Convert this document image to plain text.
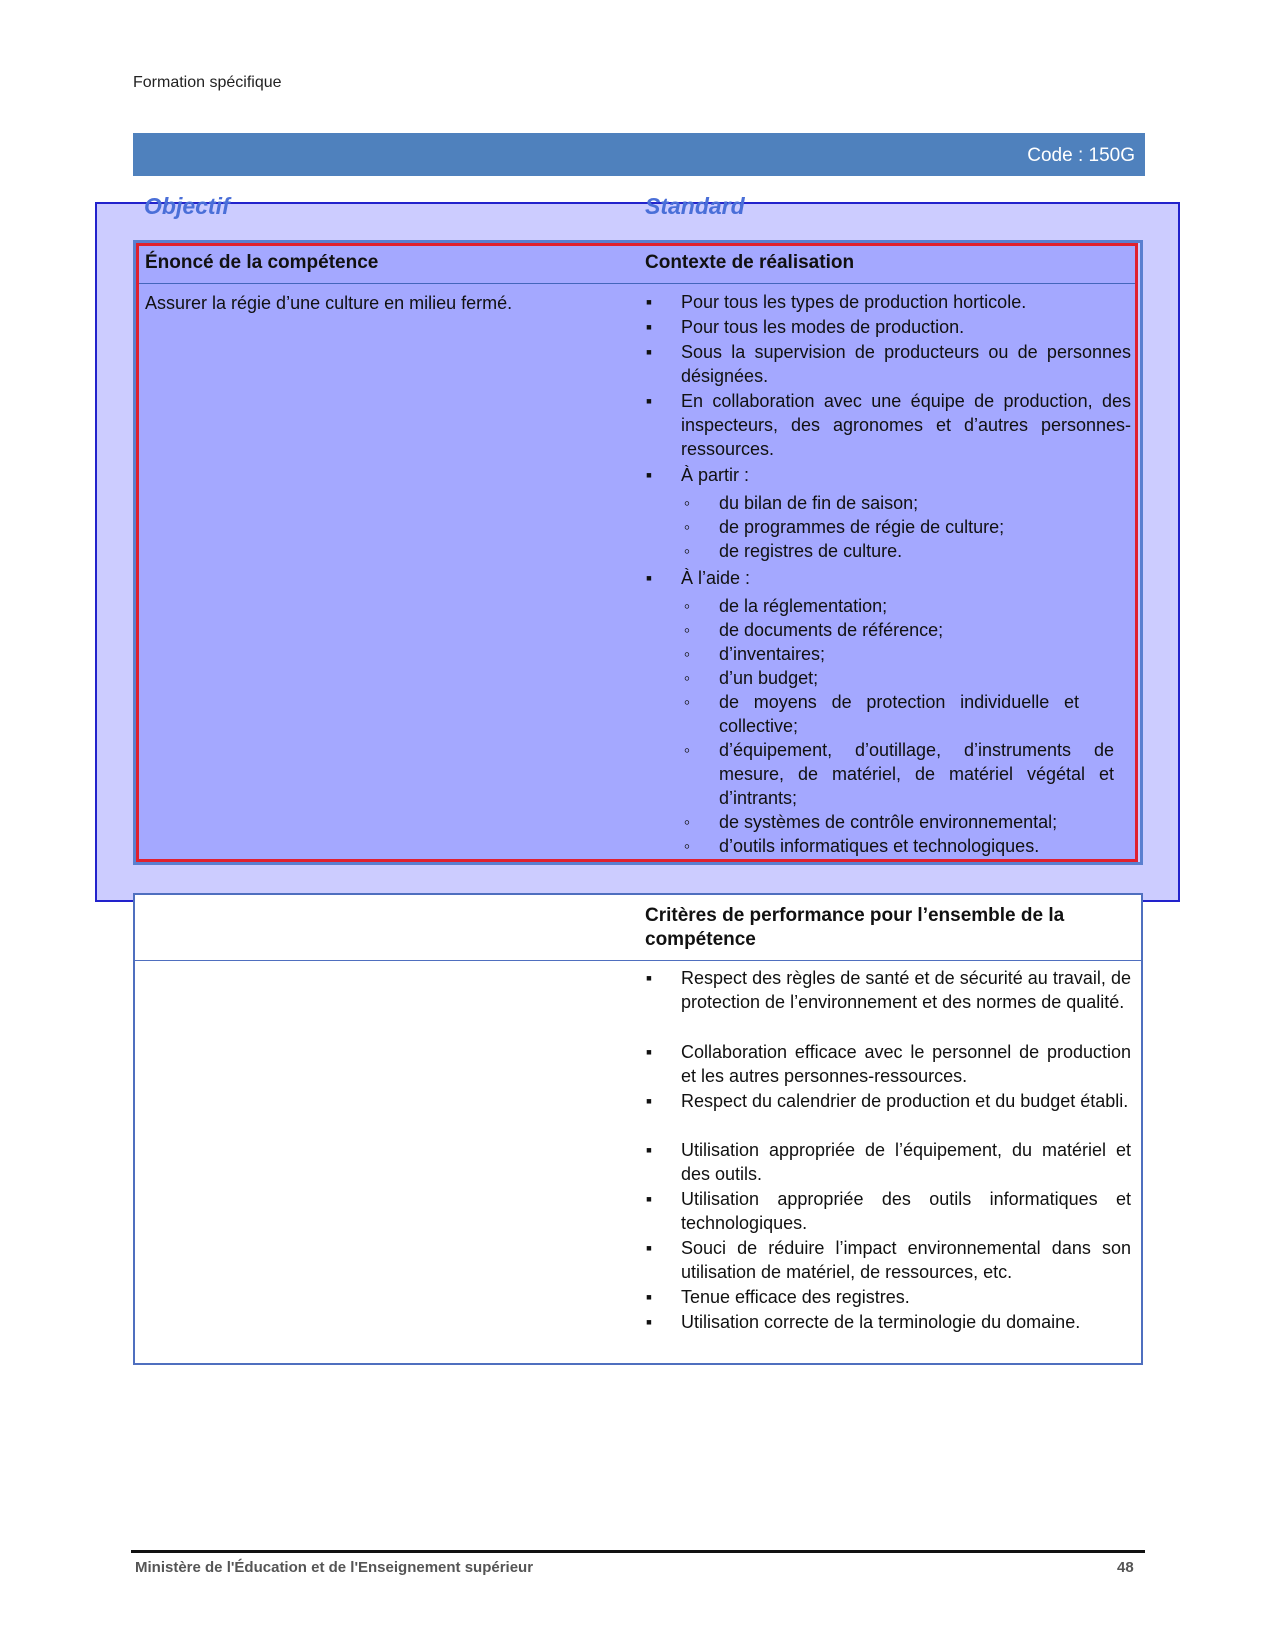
Formation spécifique
Code : 150G
Objectif	Standard
Énoncé de la compétence	Contexte de réalisation
Assurer la régie d’une culture en milieu fermé.	▪ Pour tous les types de production horticole.
▪ Pour tous les modes de production.
▪ Sous la supervision de producteurs ou de personnes désignées.
▪ En collaboration avec une équipe de production, des inspecteurs, des agronomes et d’autres personnes-ressources.
▪ À partir :
◦ du bilan de fin de saison;
◦ de programmes de régie de culture;
◦ de registres de culture.
▪ À l’aide :
◦ de la réglementation;
◦ de documents de référence;
◦ d’inventaires;
◦ d’un budget;
◦ de moyens de protection individuelle et collective;
◦ d’équipement, d’outillage, d’instruments de mesure, de matériel, de matériel végétal et d’intrants;
◦ de systèmes de contrôle environnemental;
◦ d’outils informatiques et technologiques.
Critères de performance pour l’ensemble de la compétence
▪ Respect des règles de santé et de sécurité au travail, de protection de l’environnement et des normes de qualité.
▪ Collaboration efficace avec le personnel de production et les autres personnes-ressources.
▪ Respect du calendrier de production et du budget établi.
▪ Utilisation appropriée de l’équipement, du matériel et des outils.
▪ Utilisation appropriée des outils informatiques et technologiques.
▪ Souci de réduire l’impact environnemental dans son utilisation de matériel, de ressources, etc.
▪ Tenue efficace des registres.
▪ Utilisation correcte de la terminologie du domaine.
Ministère de l'Éducation et de l'Enseignement supérieur	48
